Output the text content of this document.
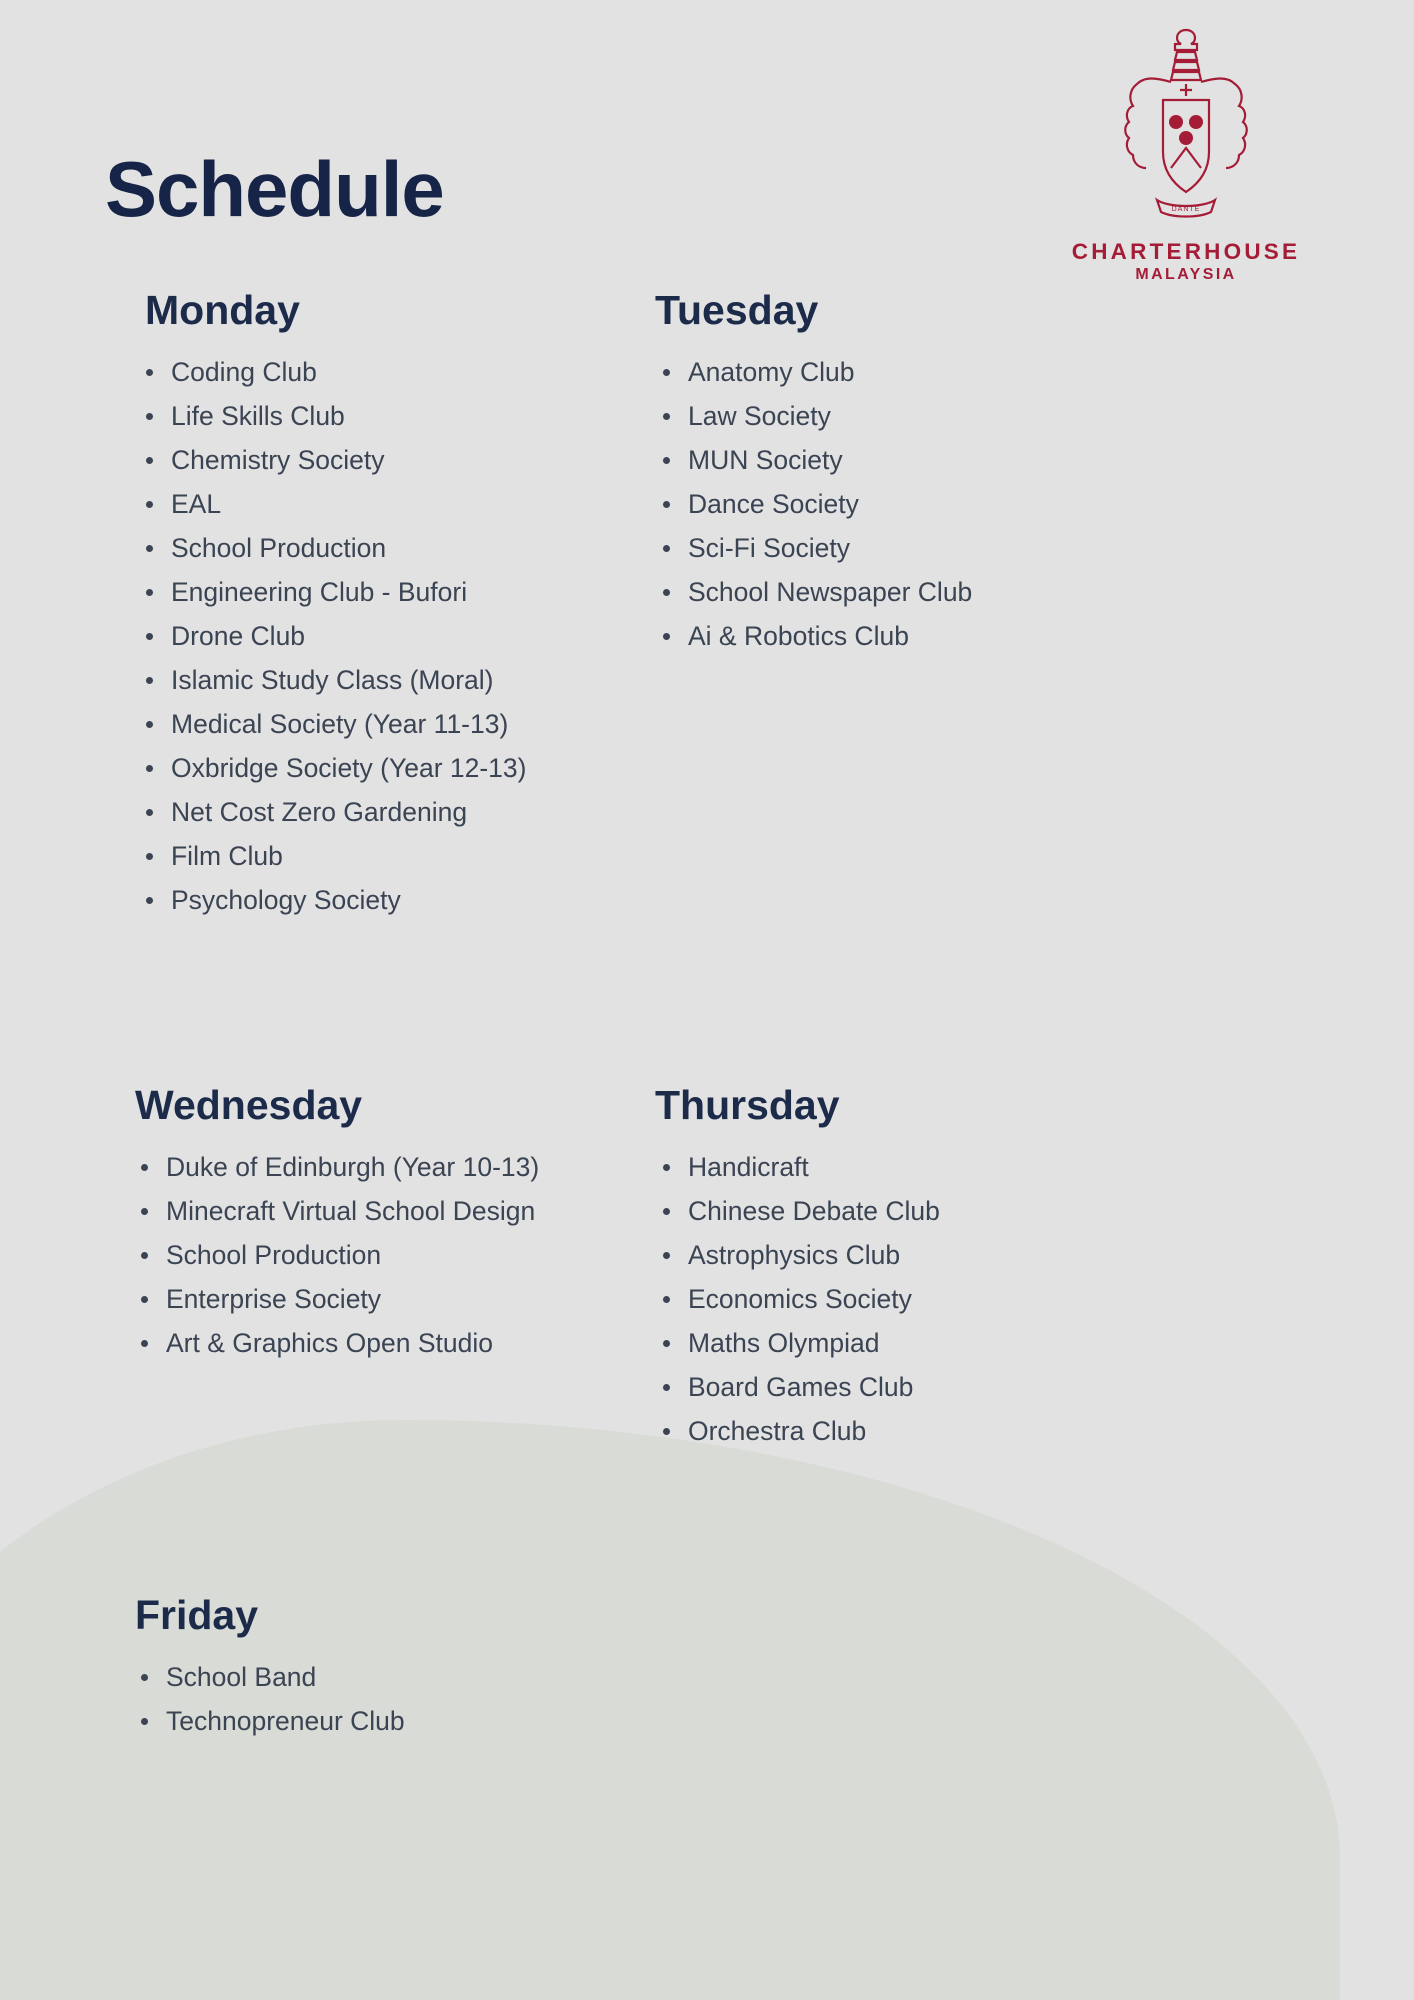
Schedule	DANTE
CHARTERHOUSE
MALAYSIA
Monday
Coding Club
Life Skills Club
Chemistry Society
EAL
School Production
Engineering Club - Bufori
Drone Club
Islamic Study Class (Moral)
Medical Society (Year 11-13)
Oxbridge Society (Year 12-13)
Net Cost Zero Gardening
Film Club
Psychology Society
Tuesday
Anatomy Club
Law Society
MUN Society
Dance Society
Sci-Fi Society
School Newspaper Club
Ai & Robotics Club
Wednesday
Duke of Edinburgh (Year 10-13)
Minecraft Virtual School Design
School Production
Enterprise Society
Art & Graphics Open Studio
Thursday
Handicraft
Chinese Debate Club
Astrophysics Club
Economics Society
Maths Olympiad
Board Games Club
Orchestra Club
Friday
School Band
Technopreneur Club
